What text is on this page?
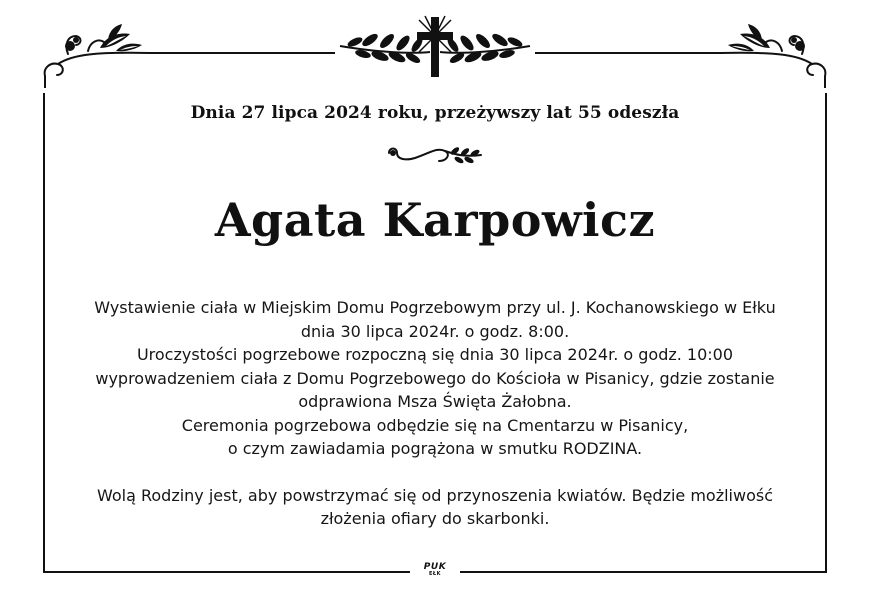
Dnia 27 lipca 2024 roku, przeżywszy lat 55 odeszła
Agata Karpowicz
Wystawienie ciała w Miejskim Domu Pogrzebowym przy ul. J. Kochanowskiego w Ełku
dnia 30 lipca 2024r. o godz. 8:00.
Uroczystości pogrzebowe rozpoczną się dnia 30 lipca 2024r. o godz. 10:00
wyprowadzeniem ciała z Domu Pogrzebowego do Kościoła w Pisanicy, gdzie zostanie
odprawiona Msza Święta Żałobna.
Ceremonia pogrzebowa odbędzie się na Cmentarzu w Pisanicy,
o czym zawiadamia pogrążona w smutku RODZINA.
Wolą Rodziny jest, aby powstrzymać się od przynoszenia kwiatów. Będzie możliwość
złożenia ofiary do skarbonki.
PUK
EŁK
